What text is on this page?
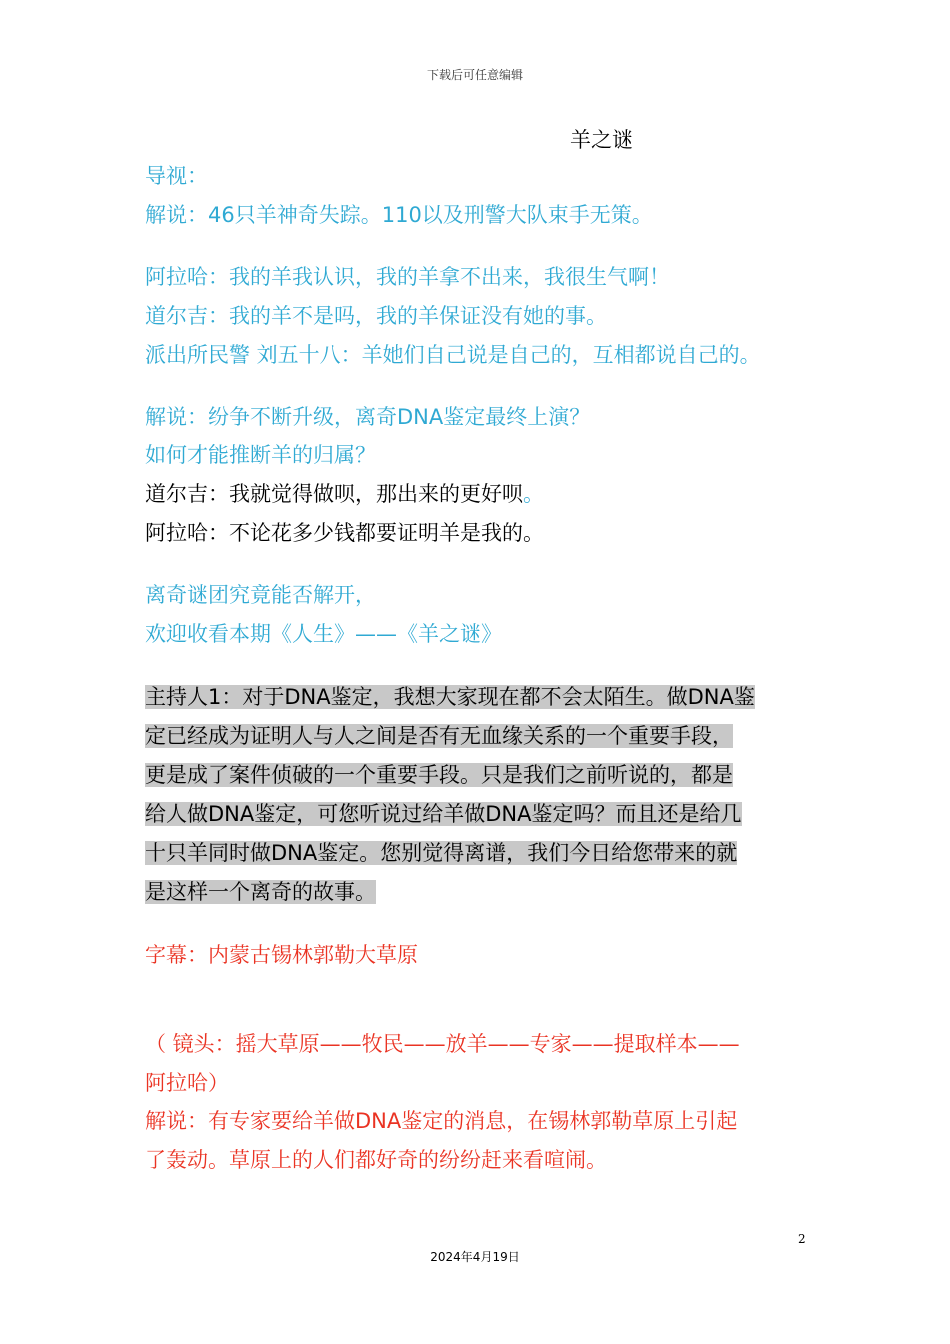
下载后可任意编辑
羊之谜
导视：
解说：46只羊神奇失踪。110以及刑警大队束手无策。
阿拉哈：我的羊我认识，我的羊拿不出来，我很生气啊！
道尔吉：我的羊不是吗，我的羊保证没有她的事。
派出所民警 刘五十八：羊她们自己说是自己的，互相都说自己的。
解说：纷争不断升级，离奇DNA鉴定最终上演？
如何才能推断羊的归属？
道尔吉：我就觉得做呗，那出来的更好呗。
阿拉哈：不论花多少钱都要证明羊是我的。
离奇谜团究竟能否解开，
欢迎收看本期《人生》——《羊之谜》
主持人1：对于DNA鉴定，我想大家现在都不会太陌生。做DNA鉴
定已经成为证明人与人之间是否有无血缘关系的一个重要手段，
更是成了案件侦破的一个重要手段。只是我们之前听说的，都是
给人做DNA鉴定，可您听说过给羊做DNA鉴定吗？而且还是给几
十只羊同时做DNA鉴定。您别觉得离谱，我们今日给您带来的就
是这样一个离奇的故事。
字幕：内蒙古锡林郭勒大草原
（ 镜头：摇大草原——牧民——放羊——专家——提取样本——
阿拉哈）
解说：有专家要给羊做DNA鉴定的消息，在锡林郭勒草原上引起
了轰动。草原上的人们都好奇的纷纷赶来看喧闹。
2
2024年4月19日
